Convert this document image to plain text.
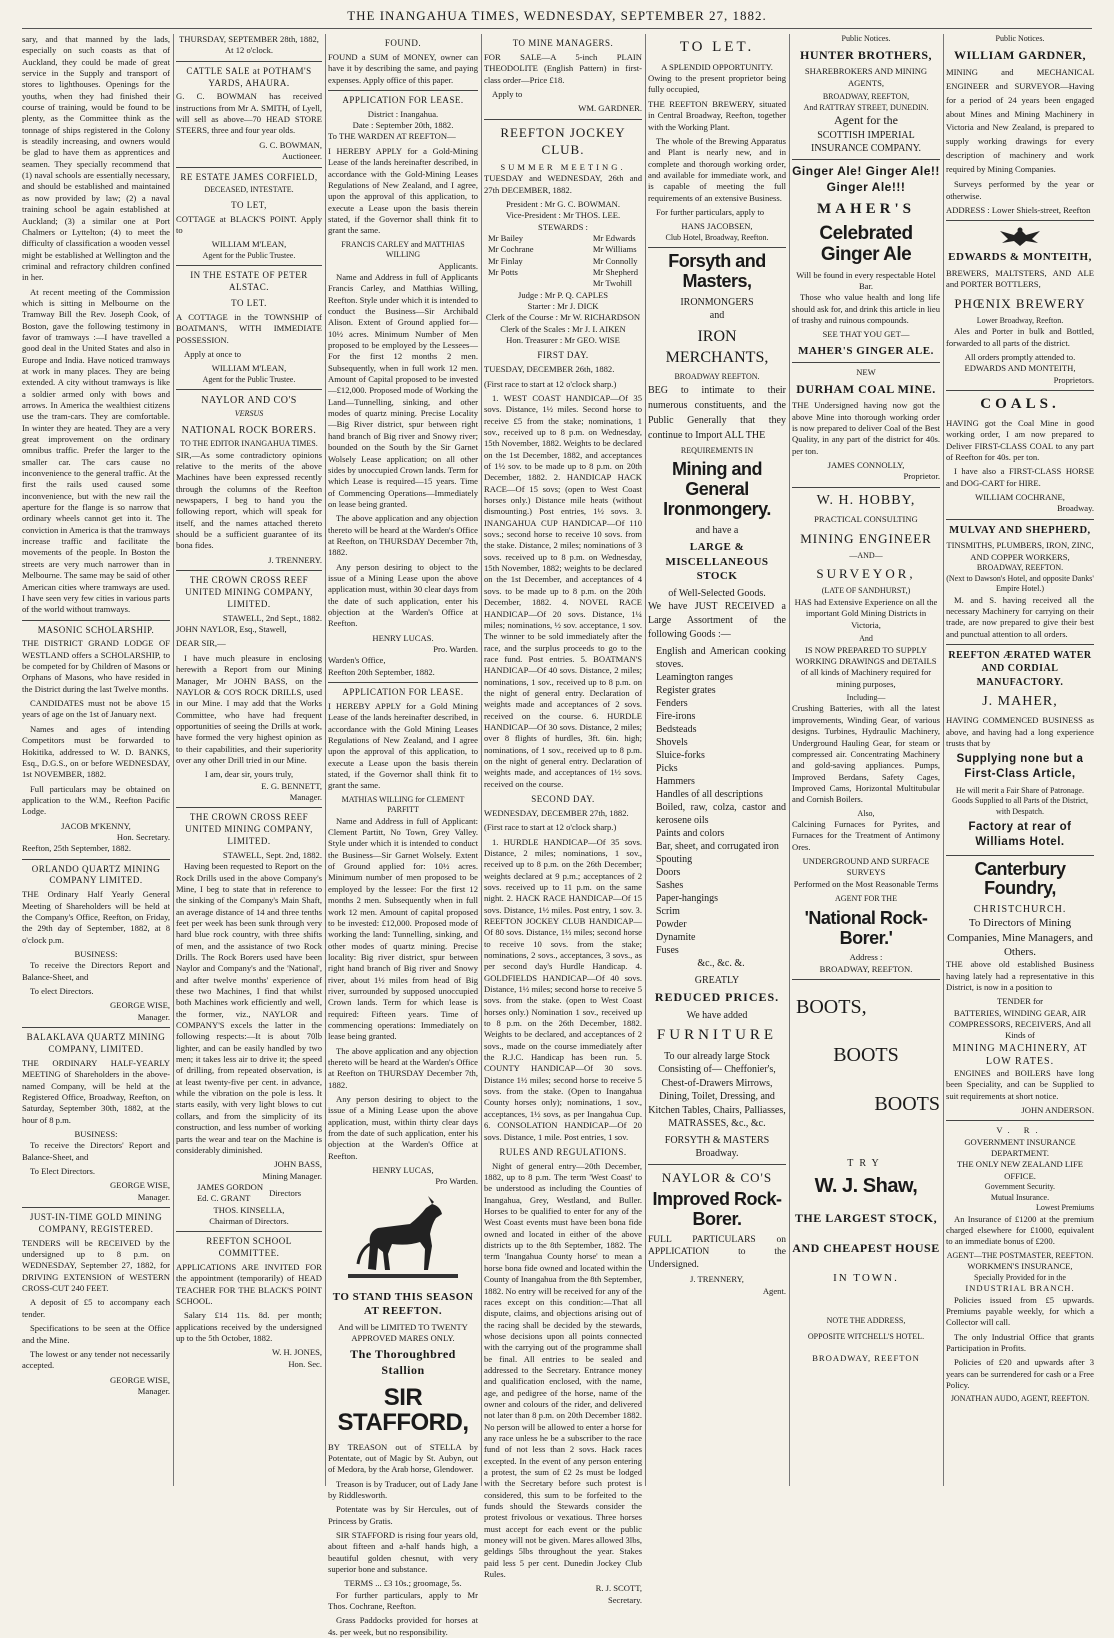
THE INANGAHUA TIMES, WEDNESDAY, SEPTEMBER 27, 1882.

sary, and that manned by the lads, especially on such coasts as that of Auckland, they could be made of great service in the Supply and transport of stores to lighthouses. Openings for the youths, when they had finished their course of training, would be found to be plenty, as the Committee think as the tonnage of ships registered in the Colony is steadily increasing, and owners would be glad to have them as apprentices and seamen. They specially recommend that (1) naval schools are essentially necessary, and should be established and maintained as now provided by law; (2) a naval training school be again established at Auckland; (3) a similar one at Port Chalmers or Lyttelton; (4) to meet the difficulty of classification a wooden vessel might be established at Wellington and the criminal and refractory children confined in her.

At recent meeting of the Commission which is sitting in Melbourne on the Tramway Bill the Rev. Joseph Cook, of Boston, gave the following testimony in favor of tramways :—I have travelled a good deal in the United States and also in Europe and India. Have noticed tramways at work in many places. They are being extended. A city without tramways is like a soldier armed only with bows and arrows. In America the wealthiest citizens use the tram-cars. They are comfortable. In winter they are heated. They are a very great improvement on the ordinary omnibus traffic. Prefer the larger to the smaller car. The cars cause no inconvenience to the general traffic. At the first the rails used caused some inconvenience, but with the new rail the aperture for the flange is so narrow that ordinary wheels cannot get into it. The conviction in America is that the tramways increase traffic and facilitate the movements of the people. In Boston the streets are very much narrower than in Melbourne. The same may be said of other American cities where tramways are used. I have seen very few cities in various parts of the world without tramways.

MASONIC SCHOLARSHIP.

THE DISTRICT GRAND LODGE OF WESTLAND offers a SCHOLARSHIP, to be competed for by Children of Masons or Orphans of Masons, who have resided in the District during the last Twelve months.

CANDIDATES must not be above 15 years of age on the 1st of January next.

Names and ages of intending Competitors must be forwarded to Hokitika, addressed to W. D. BANKS, Esq., D.G.S., on or before WEDNESDAY, 1st NOVEMBER, 1882.

Full particulars may be obtained on application to the W.M., Reefton Pacific Lodge.

JACOB M'KENNY,
Hon. Secretary.
Reefton, 25th September, 1882.
ORLANDO QUARTZ MINING COMPANY LIMITED.

THE Ordinary Half Yearly General Meeting of Shareholders will be held at the Company's Office, Reefton, on Friday, the 29th day of September, 1882, at 8 o'clock p.m.

BUSINESS:

To receive the Directors Report and Balance-Sheet, and

To elect Directors.

GEORGE WISE,
Manager.
BALAKLAVA QUARTZ MINING COMPANY, LIMITED.

THE ORDINARY HALF-YEARLY MEETING of Shareholders in the above-named Company, will be held at the Registered Office, Broadway, Reefton, on Saturday, September 30th, 1882, at the hour of 8 p.m.

BUSINESS:

To receive the Directors' Report and Balance-Sheet, and

To Elect Directors.

GEORGE WISE,
Manager.
JUST-IN-TIME GOLD MINING COMPANY, REGISTERED.

TENDERS will be RECEIVED by the undersigned up to 8 p.m. on WEDNESDAY, September 27, 1882, for DRIVING EXTENSION of WESTERN CROSS-CUT 240 FEET.

A deposit of £5 to accompany each tender.

Specifications to be seen at the Office and the Mine.

The lowest or any tender not necessarily accepted.

GEORGE WISE,
Manager.
THURSDAY, SEPTEMBER 28th, 1882,
At 12 o'clock.
CATTLE SALE at POTHAM'S YARDS, AHAURA.

G. C. BOWMAN has received instructions from Mr A. SMITH, of Lyell, will sell as above—70 HEAD STORE STEERS, three and four year olds.

G. C. BOWMAN,
Auctioneer.
RE ESTATE JAMES CORFIELD,
DECEASED, INTESTATE.
TO LET,

COTTAGE at BLACK'S POINT. Apply to

WILLIAM M'LEAN,
Agent for the Public Trustee.
IN THE ESTATE OF PETER ALSTAC.
TO LET.

A COTTAGE in the TOWNSHIP of BOATMAN'S, WITH IMMEDIATE POSSESSION.

Apply at once to

WILLIAM M'LEAN,
Agent for the Public Trustee.
NAYLOR AND CO'S
VERSUS
NATIONAL ROCK BORERS.
TO THE EDITOR INANGAHUA TIMES.

SIR,—As some contradictory opinions relative to the merits of the above Machines have been expressed recently through the columns of the Reefton newspapers, I beg to hand you the following report, which will speak for itself, and the names attached thereto should be a sufficient guarantee of its bona fides.

J. TRENNERY.
THE CROWN CROSS REEF UNITED MINING COMPANY, LIMITED.
STAWELL, 2nd Sept., 1882.

JOHN NAYLOR, Esq., Stawell,

DEAR SIR,—

I have much pleasure in enclosing herewith a Report from our Mining Manager, Mr JOHN BASS, on the NAYLOR & CO'S ROCK DRILLS, used in our Mine. I may add that the Works Committee, who have had frequent opportunities of seeing the Drills at work, have formed the very highest opinion as to their capabilities, and their superiority over any other Drill tried in our Mine.

I am, dear sir, yours truly,
E. G. BENNETT,
Manager.
THE CROWN CROSS REEF UNITED MINING COMPANY, LIMITED.
STAWELL, Sept. 2nd, 1882.

Having been requested to Report on the Rock Drills used in the above Company's Mine, I beg to state that in reference to the sinking of the Company's Main Shaft, an average distance of 14 and three tenths feet per week has been sunk through very hard blue rock country, with three shifts of men, and the assistance of two Rock Drills. The Rock Borers used have been Naylor and Company's and the 'National', and after twelve months' experience of these two Machines, I find that whilst both Machines work efficiently and well, the former, viz., NAYLOR and COMPANY'S excels the latter in the following respects:—It is about 70lb lighter, and can be easily handled by two men; it takes less air to drive it; the speed of drilling, from repeated observation, is at least twenty-five per cent. in advance, while the vibration on the pole is less. It starts easily, with very light blows to cut collars, and from the simplicity of its construction, and less number of working parts the wear and tear on the Machine is considerably diminished.

JOHN BASS,
Mining Manager.
JAMES GORDON
Ed. C. GRANT
Directors
THOS. KINSELLA,
Chairman of Directors.
REEFTON SCHOOL COMMITTEE.

APPLICATIONS ARE INVITED FOR the appointment (temporarily) of HEAD TEACHER FOR THE BLACK'S POINT SCHOOL.

Salary £14 11s. 8d. per month; applications received by the undersigned up to the 5th October, 1882.

W. H. JONES,
Hon. Sec.
FOUND.

FOUND a SUM of MONEY, owner can have it by describing the same, and paying expenses. Apply office of this paper.

APPLICATION FOR LEASE.
District : Inangahua.
Date : September 20th, 1882.

To THE WARDEN AT REEFTON—

I HEREBY APPLY for a Gold-Mining Lease of the lands hereinafter described, in accordance with the Gold-Mining Leases Regulations of New Zealand, and I agree, upon the approval of this application, to execute a Lease upon the basis therein stated, if the Governor shall think fit to grant the same.

FRANCIS CARLEY and MATTHIAS WILLING
Applicants.

Name and Address in full of Applicants Francis Carley, and Matthias Willing, Reefton. Style under which it is intended to conduct the Business—Sir Archibald Alison. Extent of Ground applied for—10½ acres. Minimum Number of Men proposed to be employed by the Lessees—For the first 12 months 2 men. Subsequently, when in full work 12 men. Amount of Capital proposed to be invested—£12,000. Proposed mode of Working the Land—Tunnelling, sinking, and other modes of quartz mining. Precise Locality—Big River district, spur between right hand branch of Big river and Snowy river; bounded on the South by the Sir Garnet Wolsely Lease application; on all other sides by unoccupied Crown lands. Term for which Lease is required—15 years. Time of Commencing Operations—Immediately on lease being granted.

The above application and any objection thereto will be heard at the Warden's Office at Reefton, on THURSDAY December 7th, 1882.

Any person desiring to object to the issue of a Mining Lease upon the above application must, within 30 clear days from the date of such application, enter his objection at the Warden's Office at Reefton.

HENRY LUCAS.
Pro. Warden.
Warden's Office,
Reefton 20th September, 1882.
APPLICATION FOR LEASE.

I HEREBY APPLY for a Gold Mining Lease of the lands hereinafter described, in accordance with the Gold Mining Leases Regulations of New Zealand, and I agree upon the approval of this application, to execute a Lease upon the basis therein stated, if the Governor shall think fit to grant the same.

MATHIAS WILLING for CLEMENT PARFITT

Name and Address in full of Applicant: Clement Partitt, No Town, Grey Valley. Style under which it is intended to conduct the Business—Sir Garnet Wolsely. Extent of Ground applied for: 10½ acres. Minimum number of men proposed to be employed by the lessee: For the first 12 months 2 men. Subsequently when in full work 12 men. Amount of capital proposed to be invested: £12,000. Proposed mode of working the land: Tunnelling, sinking, and other modes of quartz mining. Precise locality: Big river district, spur between right hand branch of Big river and Snowy river, about 1½ miles from head of Big river, surrounded by supposed unoccupied Crown lands. Term for which lease is required: Fifteen years. Time of commencing operations: Immediately on lease being granted.

The above application and any objection thereto will be heard at the Warden's Office at Reefton on THURSDAY December 7th, 1882.

Any person desiring to object to the issue of a Mining Lease upon the above application, must, within thirty clear days from the date of such application, enter his objection at the Warden's Office at Reefton.

HENRY LUCAS,
Pro Warden.
TO STAND THIS SEASON AT REEFTON.
And will be LIMITED TO TWENTY APPROVED MARES ONLY.
The Thoroughbred Stallion
SIR STAFFORD,

BY TREASON out of STELLA by Potentate, out of Magic by St. Aubyn, out of Medora, by the Arab horse, Glendower.

Treason is by Traducer, out of Lady Jane by Riddlesworth.

Potentate was by Sir Hercules, out of Princess by Gratis.

SIR STAFFORD is rising four years old, about fifteen and a-half hands high, a beautiful golden chesnut, with very superior bone and substance.

TERMS ... £3 10s.; groomage, 5s.

For further particulars, apply to Mr Thos. Cochrane, Reefton.

Grass Paddocks provided for horses at 4s. per week, but no responsibility.

TO MINE MANAGERS.

FOR SALE—A 5-inch PLAIN THEODOLITE (English Pattern) in first-class order—Price £18.

Apply to

WM. GARDNER.
REEFTON JOCKEY CLUB.
SUMMER MEETING.

TUESDAY and WEDNESDAY, 26th and 27th DECEMBER, 1882.

President : Mr G. C. BOWMAN.
Vice-President : Mr THOS. LEE.
STEWARDS :
Mr Bailey
Mr Cochrane
Mr Finlay
Mr Potts
Mr Edwards
Mr Williams
Mr Connolly
Mr Shepherd
Mr Twohill
Judge : Mr P. Q. CAPLES
Starter : Mr J. DICK
Clerk of the Course : Mr W. RICHARDSON
Clerk of the Scales : Mr J. I. AIKEN
Hon. Treasurer : Mr GEO. WISE
FIRST DAY.

TUESDAY, DECEMBER 26th, 1882.

(First race to start at 12 o'clock sharp.)

1. WEST COAST HANDICAP—Of 35 sovs. Distance, 1½ miles. Second horse to receive £5 from the stake; nominations, 1 sov., received up to 8 p.m. on Wednesday, 15th November, 1882. Weights to be declared on the 1st December, 1882, and acceptances of 1½ sov. to be made up to 8 p.m. on 20th December, 1882. 2. HANDICAP HACK RACE—Of 15 sovs; (open to West Coast horses only.) Distance mile heats (without dismounting.) Post entries, 1½ sovs. 3. INANGAHUA CUP HANDICAP—Of 110 sovs.; second horse to receive 10 sovs. from the stake. Distance, 2 miles; nominations of 3 sovs. received up to 8 p.m. on Wednesday, 15th November, 1882; weights to be declared on the 1st December, and acceptances of 4 sovs. to be made up to 8 p.m. on the 20th December, 1882. 4. NOVEL RACE HANDICAP—Of 20 sovs. Distance, 1¼ miles; nominations, ½ sov. acceptance, 1 sov. The winner to be sold immediately after the race, and the surplus proceeds to go to the race fund. Post entries. 5. BOATMAN'S HANDICAP—Of 40 sovs. Distance, 2 miles; nominations, 1 sov., received up to 8 p.m. on the night of general entry. Declaration of weights made and acceptances of 2 sovs. received on the course. 6. HURDLE HANDICAP—Of 30 sovs. Distance, 2 miles; over 8 flights of hurdles, 3ft. 6in. high; nominations, of 1 sov., received up to 8 p.m. on the night of general entry. Declaration of weights made, and acceptances of 1½ sovs. received on the course.

SECOND DAY.

WEDNESDAY, DECEMBER 27th, 1882.

(First race to start at 12 o'clock sharp.)

1. HURDLE HANDICAP—Of 35 sovs. Distance, 2 miles; nominations, 1 sov., received up to 8 p.m. on the 26th December; weights declared at 9 p.m.; acceptances of 2 sovs. received up to 11 p.m. on the same night. 2. HACK RACE HANDICAP—Of 15 sovs. Distance, 1½ miles. Post entry, 1 sov. 3. REEFTON JOCKEY CLUB HANDICAP—Of 80 sovs. Distance, 1½ miles; second horse to receive 10 sovs. from the stake; nominations, 2 sovs., acceptances, 3 sovs., as per second day's Hurdle Handicap. 4. GOLDFIELDS HANDICAP—Of 40 sovs. Distance, 1½ miles; second horse to receive 5 sovs. from the stake. (open to West Coast horses only.) Nomination 1 sov., received up to 8 p.m. on the 26th December, 1882. Weights to be declared, and acceptances of 2 sovs., made on the course immediately after the R.J.C. Handicap has been run. 5. COUNTY HANDICAP—Of 30 sovs. Distance 1½ miles; second horse to receive 5 sovs. from the stake. (Open to Inangahua County horses only); nominations, 1 sov., acceptances, 1½ sovs, as per Inangahua Cup. 6. CONSOLATION HANDICAP—Of 20 sovs. Distance, 1 mile. Post entries, 1 sov.

RULES AND REGULATIONS.

Night of general entry—20th December, 1882, up to 8 p.m. The term 'West Coast' to be understood as including the Counties of Inangahua, Grey, Westland, and Buller. Horses to be qualified to enter for any of the West Coast events must have been bona fide owned and located in either of the above districts up to the 8th September, 1882. The term 'Inangahua County horse' to mean a horse bona fide owned and located within the County of Inangahua from the 8th September, 1882. No entry will be received for any of the races except on this condition:—That all dispute, claims, and objections arising out of the racing shall be decided by the stewards, whose decisions upon all points connected with the carrying out of the programme shall be final. All entries to be sealed and addressed to the Secretary. Entrance money and qualification enclosed, with the name, age, and pedigree of the horse, name of the owner and colours of the rider, and delivered not later than 8 p.m. on 20th December 1882. No person will be allowed to enter a horse for any race unless he be a subscriber to the race fund of not less than 2 sovs. Hack races excepted. In the event of any person entering a protest, the sum of £2 2s must be lodged with the Secretary before such protest is considered, this sum to be forfeited to the funds should the Stewards consider the protest frivolous or vexatious. Three horses must accept for each event or the public money will not be given. Mares allowed 3lbs, geldings 5lbs throughout the year. Stakes paid less 5 per cent. Dunedin Jockey Club Rules.

R. J. SCOTT,
Secretary.
TO LET.
A SPLENDID OPPORTUNITY.

Owing to the present proprietor being fully occupied,

THE REEFTON BREWERY, situated in Central Broadway, Reefton, together with the Working Plant.

The whole of the Brewing Apparatus and Plant is nearly new, and in complete and thorough working order, and available for immediate work, and is capable of meeting the full requirements of an extensive Business.

For further particulars, apply to

HANS JACOBSEN,
Club Hotel, Broadway, Reefton.
Forsyth and Masters,
IRONMONGERS
and
IRON MERCHANTS,
BROADWAY REEFTON.

BEG to intimate to their numerous constituents, and the Public Generally that they continue to Import ALL THE

REQUIREMENTS IN
Mining and General Ironmongery.
and have a
LARGE & MISCELLANEOUS STOCK
of Well-Selected Goods.

We have JUST RECEIVED a Large Assortment of the following Goods :—

English and American cooking stoves.
Leamington ranges
Register grates
Fenders
Fire-irons
Bedsteads
Shovels
Sluice-forks
Picks
Hammers
Handles of all descriptions
Boiled, raw, colza, castor and kerosene oils
Paints and colors
Bar, sheet, and corrugated iron
Spouting
Doors
Sashes
Paper-hangings
Scrim
Powder
Dynamite
Fuses
&c., &c. &.
GREATLY
REDUCED PRICES.
We have added
FURNITURE

To our already large Stock Consisting of— Cheffonier's, Chest-of-Drawers Mirrows, Dining, Toilet, Dressing, and Kitchen Tables, Chairs, Palliasses, MATRASSES, &c., &c.

FORSYTH & MASTERS
Broadway.
NAYLOR & CO'S
Improved Rock-Borer.

FULL PARTICULARS on APPLICATION to the Undersigned.

J. TRENNERY,
Agent.
Public Notices.
HUNTER BROTHERS,

SHAREBROKERS AND MINING AGENTS,

BROADWAY, REEFTON,
And RATTRAY STREET, DUNEDIN.
Agent for the
SCOTTISH IMPERIAL INSURANCE COMPANY.
Ginger Ale! Ginger Ale!! Ginger Ale!!!
MAHER'S
Celebrated Ginger Ale
Will be found in every respectable Hotel Bar.

Those who value health and long life should ask for, and drink this article in lieu of trashy and ruinous compounds.

SEE THAT YOU GET—
MAHER'S GINGER ALE.
NEW
DURHAM COAL MINE.

THE Undersigned having now got the above Mine into thorough working order is now prepared to deliver Coal of the Best Quality, in any part of the district for 40s. per ton.

JAMES CONNOLLY,
Proprietor.
W. H. HOBBY,
PRACTICAL CONSULTING
MINING ENGINEER
—AND—
SURVEYOR,
(LATE OF SANDHURST,)

HAS had Extensive Experience on all the important Gold Mining Districts in Victoria,

And

IS NOW PREPARED TO SUPPLY WORKING DRAWINGS and DETAILS of all kinds of Machinery required for mining purposes,

Including—

Crushing Batteries, with all the latest improvements, Winding Gear, of various designs. Turbines, Hydraulic Machinery, Underground Hauling Gear, for steam or compressed air. Concentrating Machinery and gold-saving appliances. Pumps, Improved Berdans, Safety Cages, Improved Cams, Horizontal Multitubular and Cornish Boilers.

Also,

Calcining Furnaces for Pyrites, and Furnaces for the Treatment of Antimony Ores.

UNDERGROUND AND SURFACE SURVEYS
Performed on the Most Reasonable Terms
AGENT FOR THE
'National Rock-Borer.'
Address :
BROADWAY, REEFTON.
BOOTS,
BOOTS
BOOTS
TRY
W. J. Shaw,
THE LARGEST STOCK,
AND CHEAPEST HOUSE
IN TOWN.
NOTE THE ADDRESS,
OPPOSITE WITCHELL'S HOTEL.
BROADWAY, REEFTON
Public Notices.
WILLIAM GARDNER,

MINING and MECHANICAL ENGINEER and SURVEYOR—Having for a period of 24 years been engaged about Mines and Mining Machinery in Victoria and New Zealand, is prepared to supply working drawings for every description of machinery and work required by Mining Companies.

Surveys performed by the year or otherwise.

ADDRESS : Lower Shiels-street, Reefton

EDWARDS & MONTEITH,

BREWERS, MALTSTERS, AND ALE and PORTER BOTTLERS,

PHŒNIX BREWERY
Lower Broadway, Reefton.

Ales and Porter in bulk and Bottled, forwarded to all parts of the district.

All orders promptly attended to.
EDWARDS AND MONTEITH,
Proprietors.
COALS.

HAVING got the Coal Mine in good working order, I am now prepared to Deliver FIRST-CLASS COAL to any part of Reefton for 40s. per ton.

I have also a FIRST-CLASS HORSE and DOG-CART for HIRE.

WILLIAM COCHRANE,
Broadway.
MULVAY AND SHEPHERD,
TINSMITHS, PLUMBERS, IRON, ZINC, AND COPPER WORKERS,
BROADWAY, REEFTON.
(Next to Dawson's Hotel, and opposite Danks' Empire Hotel.)

M. and S. having received all the necessary Machinery for carrying on their trade, are now prepared to give their best and punctual attention to all orders.

REEFTON ÆRATED WATER AND CORDIAL MANUFACTORY.
J. MAHER,

HAVING COMMENCED BUSINESS as above, and having had a long experience trusts that by

Supplying none but a First-Class Article,
He will merit a Fair Share of Patronage.
Goods Supplied to all Parts of the District, with Despatch.
Factory at rear of Williams Hotel.
Canterbury Foundry,
CHRISTCHURCH.
To Directors of Mining Companies, Mine Managers, and Others.

THE above old established Business having lately had a representative in this District, is now in a position to

TENDER for
BATTERIES, WINDING GEAR, AIR COMPRESSORS, RECEIVERS, And all Kinds of
MINING MACHINERY, AT LOW RATES.

ENGINES and BOILERS have long been Speciality, and can be Supplied to suit requirements at short notice.

JOHN ANDERSON.
V. R.
GOVERNMENT INSURANCE DEPARTMENT.
THE ONLY NEW ZEALAND LIFE OFFICE.
Government Security.
Mutual Insurance.
Lowest Premiums

An Insurance of £1200 at the premium charged elsewhere for £1000, equivalent to an immediate bonus of £200.

AGENT—THE POSTMASTER, REEFTON.
WORKMEN'S INSURANCE,
Specially Provided for in the
INDUSTRIAL BRANCH.

Policies issued from £5 upwards. Premiums payable weekly, for which a Collector will call.

The only Industrial Office that grants Participation in Profits.

Policies of £20 and upwards after 3 years can be surrendered for cash or a Free Policy.

JONATHAN AUDO, AGENT, REEFTON.
